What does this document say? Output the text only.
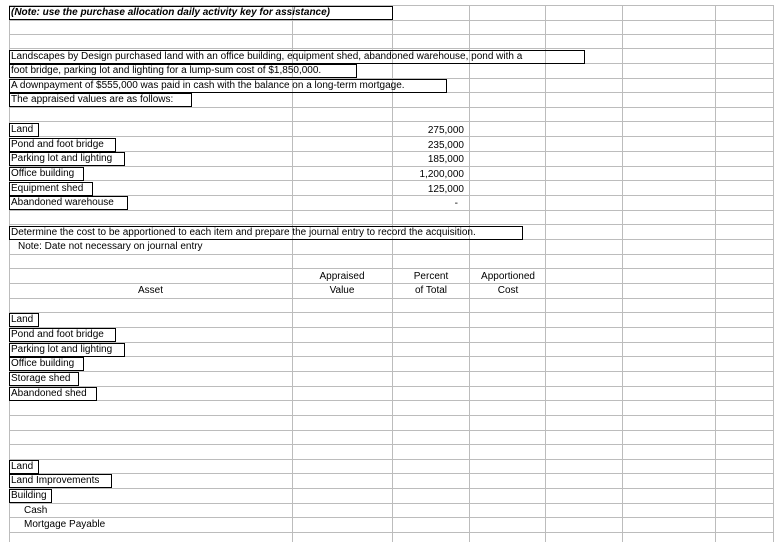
(Note: use the purchase allocation daily activity key for assistance)
Landscapes by Design purchased land with an office building, equipment shed, abandoned warehouse, pond with a
foot bridge, parking lot and lighting for a lump-sum cost of $1,850,000.
A downpayment of $555,000 was paid in cash with the balance on a long-term mortgage.
The appraised values are as follows:
Land
Pond and foot bridge
Parking lot and lighting
Office building
Equipment shed
Abandoned warehouse
275,000
235,000
185,000
1,200,000
125,000
-
Determine the cost to be apportioned to each item and prepare the journal entry to record the acquisition.
Note: Date not necessary on journal entry
Appraised
Value
Percent
of Total
Apportioned
Cost
Asset
Land
Pond and foot bridge
Parking lot and lighting
Office building
Storage shed
Abandoned shed
Land
Land Improvements
Building
Cash
Mortgage Payable
